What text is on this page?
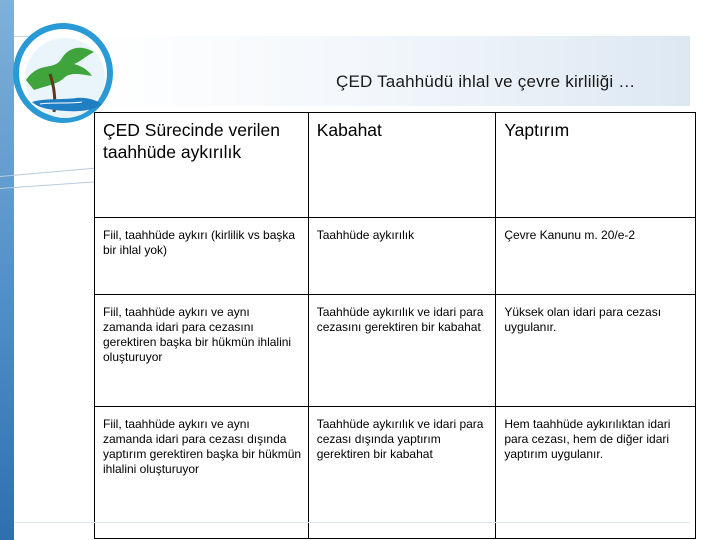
ÇED Taahhüdü ihlal ve çevre kirliliği …
ÇED Sürecinde verilen taahhüde aykırılık	Kabahat	Yaptırım

Fiil, taahhüde aykırı (kirlilik vs başka bir ihlal yok)	Taahhüde aykırılık	Çevre Kanunu m. 20/e-2

Fiil, taahhüde aykırı ve aynı zamanda idari para cezasını gerektiren başka bir hükmün ihlalini oluşturuyor	Taahhüde aykırılık ve idari para cezasını gerektiren bir kabahat	Yüksek olan idari para cezası uygulanır.

Fiil, taahhüde aykırı ve aynı zamanda idari para cezası dışında yaptırım gerektiren başka bir hükmün ihlalini oluşturuyor	Taahhüde aykırılık ve idari para cezası dışında yaptırım gerektiren bir kabahat	Hem taahhüde aykırılıktan idari para cezası, hem de diğer idari yaptırım uygulanır.
